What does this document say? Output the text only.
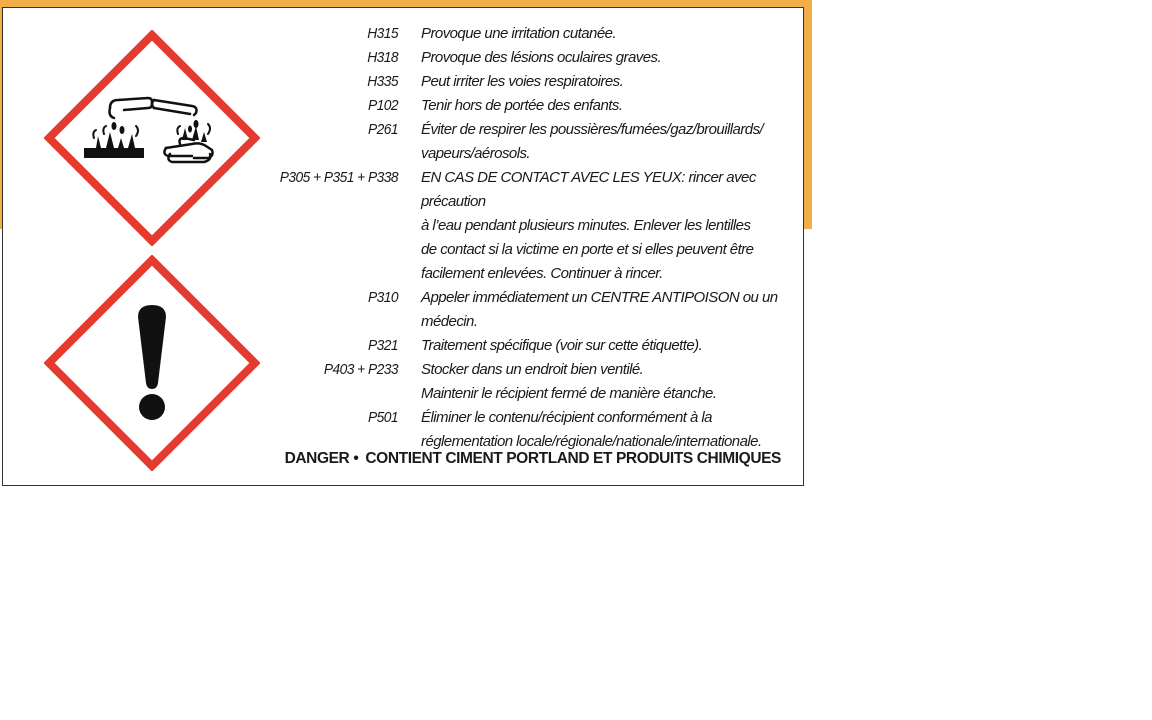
H315 Provoque une irritation cutanée.
H318 Provoque des lésions oculaires graves.
H335 Peut irriter les voies respiratoires.
P102 Tenir hors de portée des enfants.
P261 Éviter de respirer les poussières/fumées/gaz/brouillards/
vapeurs/aérosols.
P305 + P351 + P338 EN CAS DE CONTACT AVEC LES YEUX: rincer avec précaution
à l’eau pendant plusieurs minutes. Enlever les lentilles
de contact si la victime en porte et si elles peuvent être
facilement enlevées. Continuer à rincer.
P310 Appeler immédiatement un CENTRE ANTIPOISON ou un
médecin.
P321 Traitement spécifique (voir sur cette étiquette).
P403 + P233 Stocker dans un endroit bien ventilé.
Maintenir le récipient fermé de manière étanche.
P501 Éliminer le contenu/récipient conformément à la
réglementation locale/régionale/nationale/internationale.
DANGER • CONTIENT CIMENT PORTLAND ET PRODUITS CHIMIQUES
